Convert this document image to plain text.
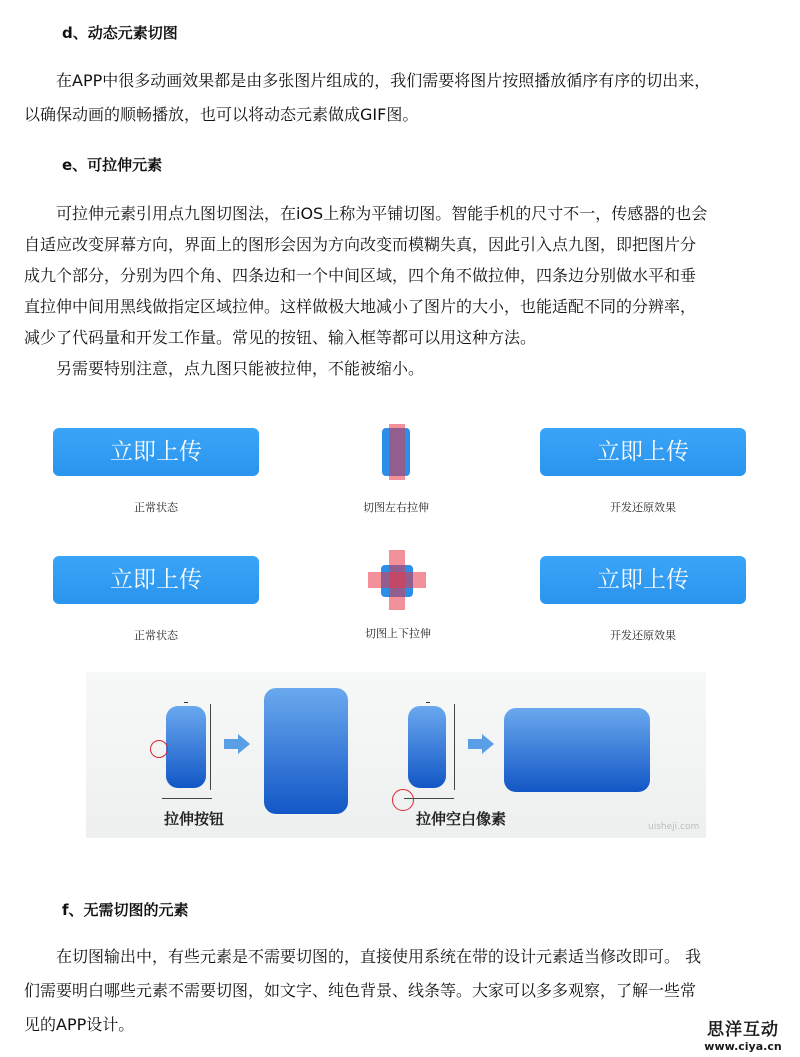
d、动态元素切图
在APP中很多动画效果都是由多张图片组成的，我们需要将图片按照播放循序有序的切出来，
以确保动画的顺畅播放，也可以将动态元素做成GIF图。
e、可拉伸元素
可拉伸元素引用点九图切图法，在iOS上称为平铺切图。智能手机的尺寸不一，传感器的也会
自适应改变屏幕方向，界面上的图形会因为方向改变而模糊失真，因此引入点九图，即把图片分
成九个部分，分别为四个角、四条边和一个中间区域，四个角不做拉伸，四条边分别做水平和垂
直拉伸中间用黑线做指定区域拉伸。这样做极大地减小了图片的大小，也能适配不同的分辨率，
减少了代码量和开发工作量。常见的按钮、输入框等都可以用这种方法。
另需要特别注意，点九图只能被拉伸，不能被缩小。
立即上传
正常状态	切图左右拉伸
立即上传
开发还原效果
立即上传
正常状态	切图上下拉伸
立即上传
开发还原效果
拉伸按钮	拉伸空白像素	uisheji.com
f、无需切图的元素
在切图输出中，有些元素是不需要切图的，直接使用系统在带的设计元素适当修改即可。 我
们需要明白哪些元素不需要切图，如文字、纯色背景、线条等。大家可以多多观察，了解一些常
见的APP设计。	思洋互动
www.ciya.cn
